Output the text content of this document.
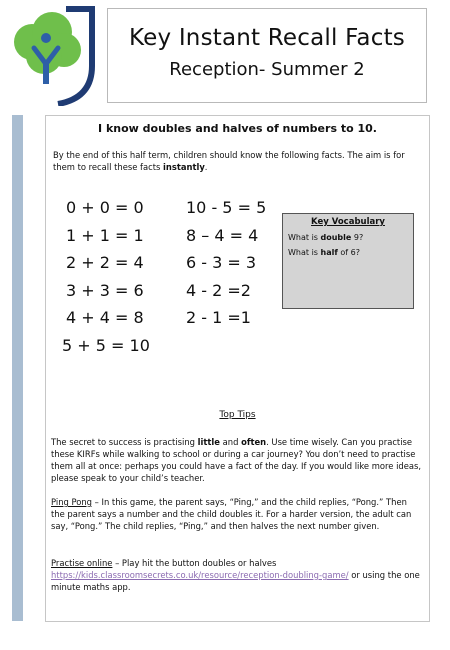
Key Instant Recall Facts
Reception- Summer 2
I know doubles and halves of numbers to 10.
By the end of this half term, children should know the following facts. The aim is for them to recall these facts instantly.
0 + 0 = 0
1 + 1 = 1
2 + 2 = 4
3 + 3 = 6
4 + 4 = 8
5 + 5 = 10
10 - 5 = 5
8 – 4 = 4
6 - 3 = 3
4 - 2 =2
2 - 1 =1
Key Vocabulary
What is double 9?
What is half of 6?
Top Tips
The secret to success is practising little and often. Use time wisely. Can you practise these KIRFs while walking to school or during a car journey? You don’t need to practise them all at once: perhaps you could have a fact of the day. If you would like more ideas, please speak to your child’s teacher.
Ping Pong – In this game, the parent says, “Ping,” and the child replies, “Pong.” Then the parent says a number and the child doubles it. For a harder version, the adult can say, “Pong.” The child replies, “Ping,” and then halves the next number given.
Practise online – Play hit the button doubles or halves
https://kids.classroomsecrets.co.uk/resource/reception-doubling-game/ or using the one minute maths app.
